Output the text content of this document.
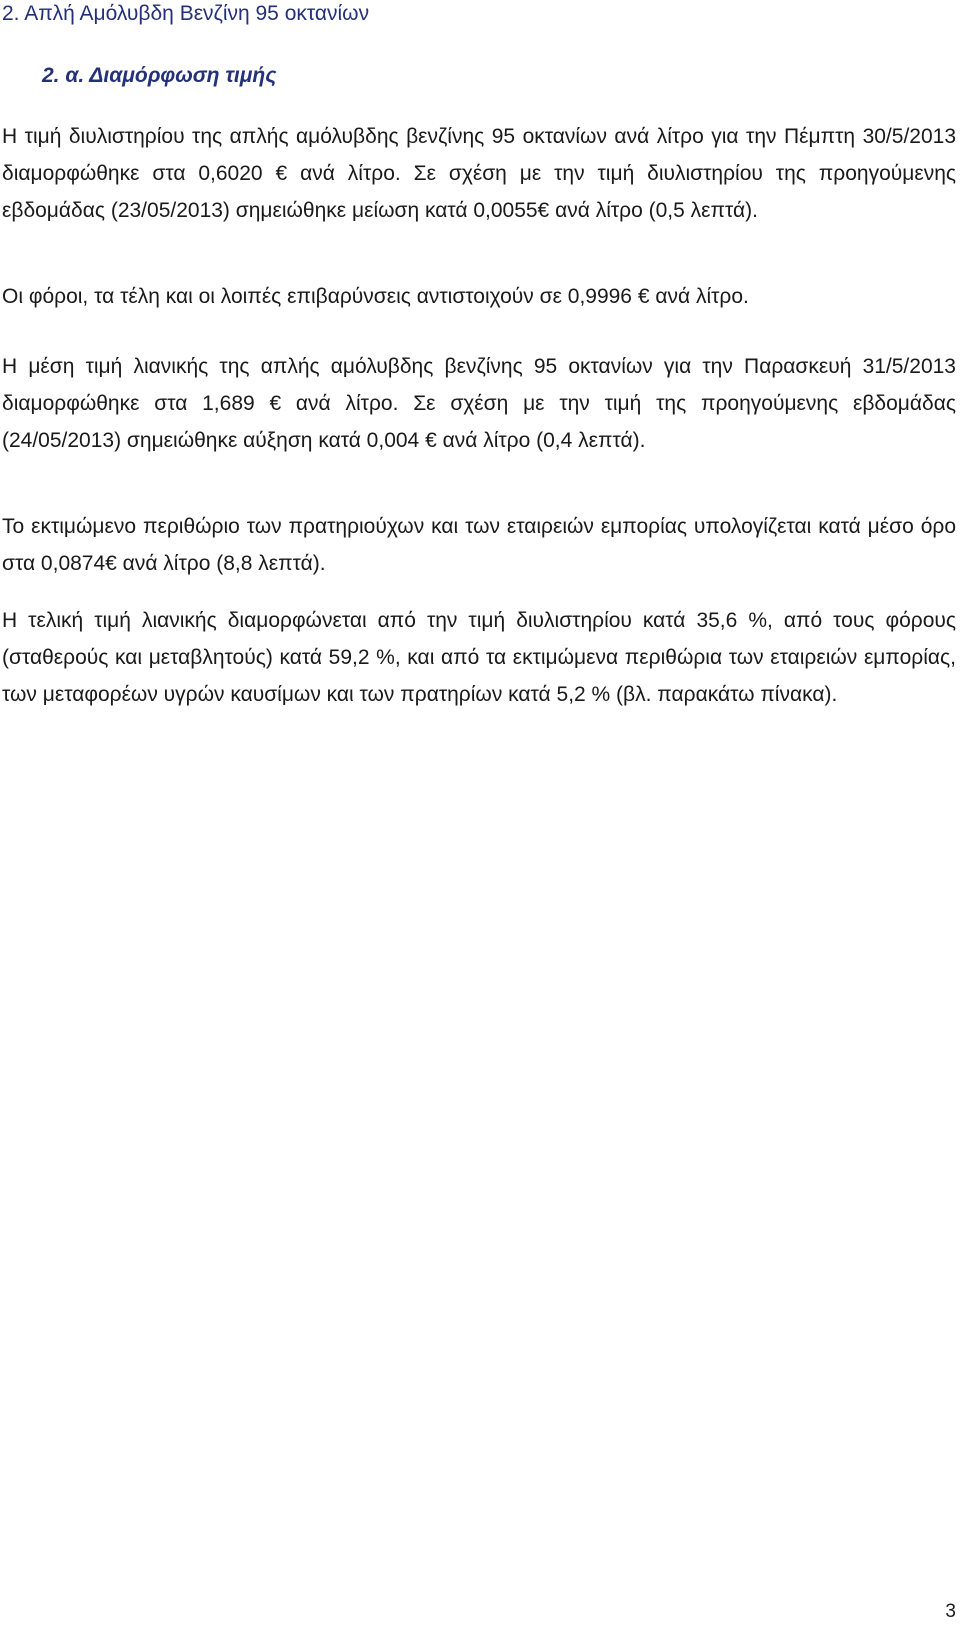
2. Απλή Αμόλυβδη Βενζίνη 95 οκτανίων
2. α. Διαμόρφωση τιμής

Η τιμή διυλιστηρίου της απλής αμόλυβδης βενζίνης 95 οκτανίων ανά λίτρο για την Πέμπτη 30/5/2013 διαμορφώθηκε στα 0,6020 € ανά λίτρο. Σε σχέση με την τιμή διυλιστηρίου της προηγούμενης εβδομάδας (23/05/2013) σημειώθηκε μείωση κατά 0,0055€ ανά λίτρο (0,5 λεπτά).

Οι φόροι, τα τέλη και οι λοιπές επιβαρύνσεις αντιστοιχούν σε 0,9996 € ανά λίτρο.

Η μέση τιμή λιανικής της απλής αμόλυβδης βενζίνης 95 οκτανίων για την Παρασκευή 31/5/2013 διαμορφώθηκε στα 1,689 € ανά λίτρο. Σε σχέση με την τιμή της προηγούμενης εβδομάδας (24/05/2013) σημειώθηκε αύξηση κατά 0,004 € ανά λίτρο (0,4 λεπτά).

Το εκτιμώμενο περιθώριο των πρατηριούχων και των εταιρειών εμπορίας υπολογίζεται κατά μέσο όρο στα 0,0874€ ανά λίτρο (8,8 λεπτά).

Η τελική τιμή λιανικής διαμορφώνεται από την τιμή διυλιστηρίου κατά 35,6 %, από τους φόρους (σταθερούς και μεταβλητούς) κατά 59,2 %, και από τα εκτιμώμενα περιθώρια των εταιρειών εμπορίας, των μεταφορέων υγρών καυσίμων και των πρατηρίων κατά 5,2 % (βλ. παρακάτω πίνακα).

3
